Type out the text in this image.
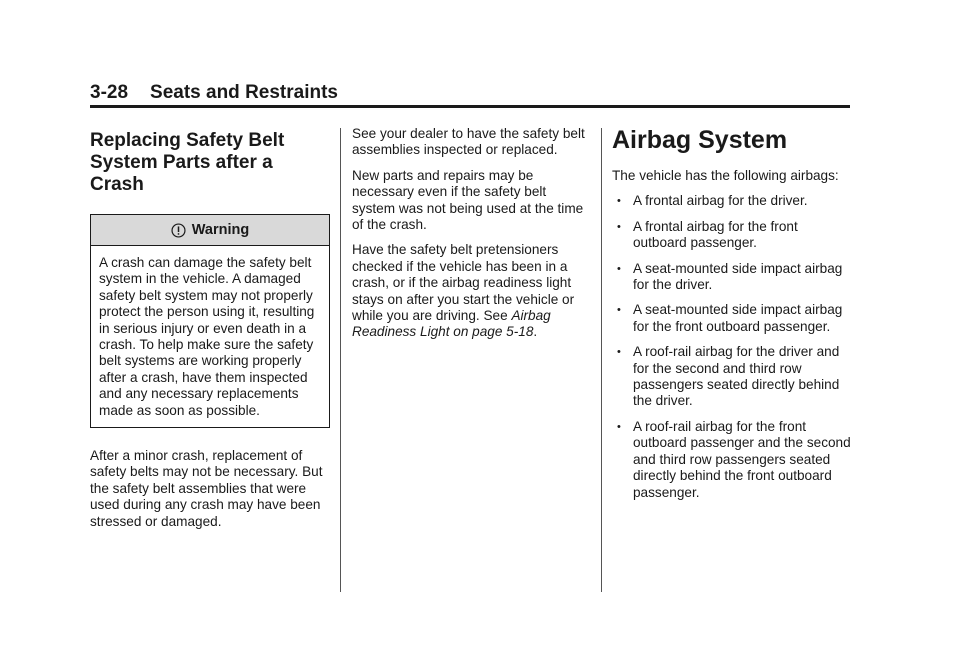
3-28 Seats and Restraints
Replacing Safety Belt System Parts after a Crash
Warning

A crash can damage the safety belt system in the vehicle. A damaged safety belt system may not properly protect the person using it, resulting in serious injury or even death in a crash. To help make sure the safety belt systems are working properly after a crash, have them inspected and any necessary replacements made as soon as possible.

After a minor crash, replacement of safety belts may not be necessary. But the safety belt assemblies that were used during any crash may have been stressed or damaged.

See your dealer to have the safety belt assemblies inspected or replaced.

New parts and repairs may be necessary even if the safety belt system was not being used at the time of the crash.

Have the safety belt pretensioners checked if the vehicle has been in a crash, or if the airbag readiness light stays on after you start the vehicle or while you are driving. See Airbag Readiness Light on page 5-18.

Airbag System

The vehicle has the following airbags:

• A frontal airbag for the driver.
• A frontal airbag for the front outboard passenger.
• A seat-mounted side impact airbag for the driver.
• A seat-mounted side impact airbag for the front outboard passenger.
• A roof-rail airbag for the driver and for the second and third row passengers seated directly behind the driver.
• A roof-rail airbag for the front outboard passenger and the second and third row passengers seated directly behind the front outboard passenger.
